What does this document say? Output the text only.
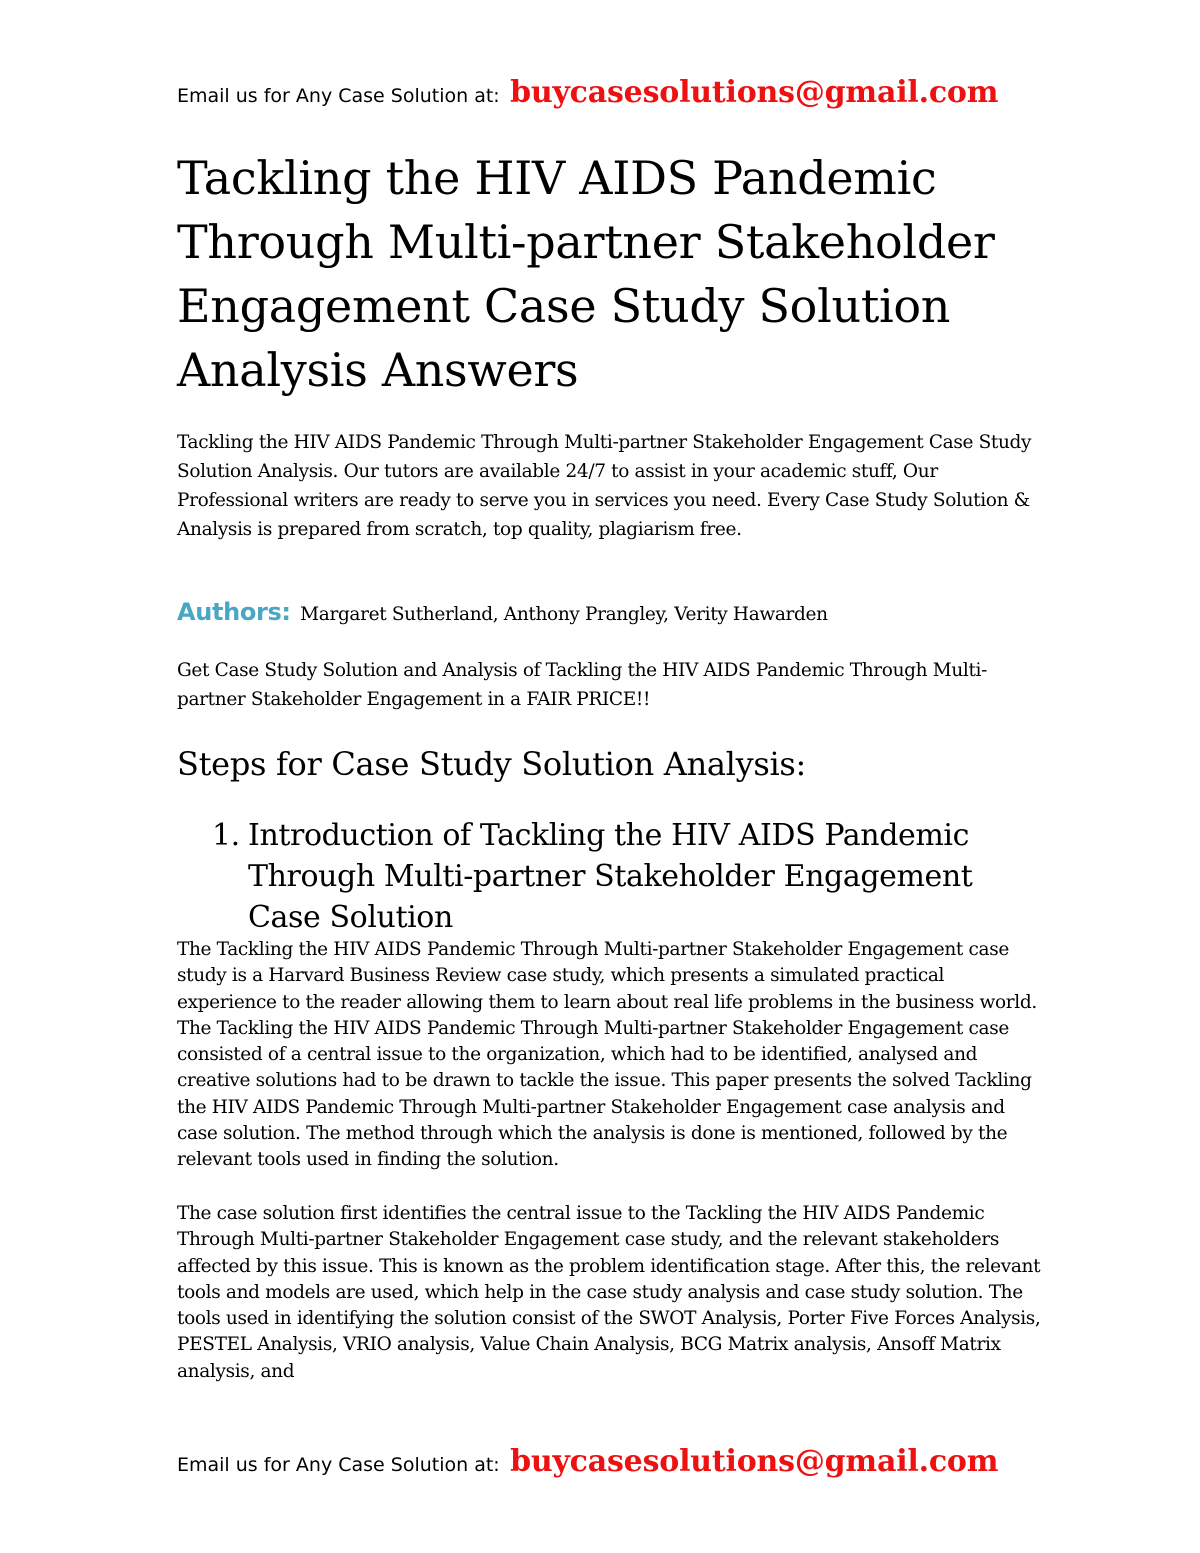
Email us for Any Case Solution at: buycasesolutions@gmail.com
Tackling the HIV AIDS Pandemic Through Multi-partner Stakeholder Engagement Case Study Solution Analysis Answers

Tackling the HIV AIDS Pandemic Through Multi-partner Stakeholder Engagement Case Study Solution Analysis. Our tutors are available 24/7 to assist in your academic stuff, Our Professional writers are ready to serve you in services you need. Every Case Study Solution & Analysis is prepared from scratch, top quality, plagiarism free.

Authors: Margaret Sutherland, Anthony Prangley, Verity Hawarden

Get Case Study Solution and Analysis of Tackling the HIV AIDS Pandemic Through Multi-partner Stakeholder Engagement in a FAIR PRICE!!

Steps for Case Study Solution Analysis:
1. Introduction of Tackling the HIV AIDS Pandemic Through Multi-partner Stakeholder Engagement Case Solution

The Tackling the HIV AIDS Pandemic Through Multi-partner Stakeholder Engagement case study is a Harvard Business Review case study, which presents a simulated practical experience to the reader allowing them to learn about real life problems in the business world. The Tackling the HIV AIDS Pandemic Through Multi-partner Stakeholder Engagement case consisted of a central issue to the organization, which had to be identified, analysed and creative solutions had to be drawn to tackle the issue. This paper presents the solved Tackling the HIV AIDS Pandemic Through Multi-partner Stakeholder Engagement case analysis and case solution. The method through which the analysis is done is mentioned, followed by the relevant tools used in finding the solution.

The case solution first identifies the central issue to the Tackling the HIV AIDS Pandemic Through Multi-partner Stakeholder Engagement case study, and the relevant stakeholders affected by this issue. This is known as the problem identification stage. After this, the relevant tools and models are used, which help in the case study analysis and case study solution. The tools used in identifying the solution consist of the SWOT Analysis, Porter Five Forces Analysis, PESTEL Analysis, VRIO analysis, Value Chain Analysis, BCG Matrix analysis, Ansoff Matrix analysis, and

Email us for Any Case Solution at: buycasesolutions@gmail.com
